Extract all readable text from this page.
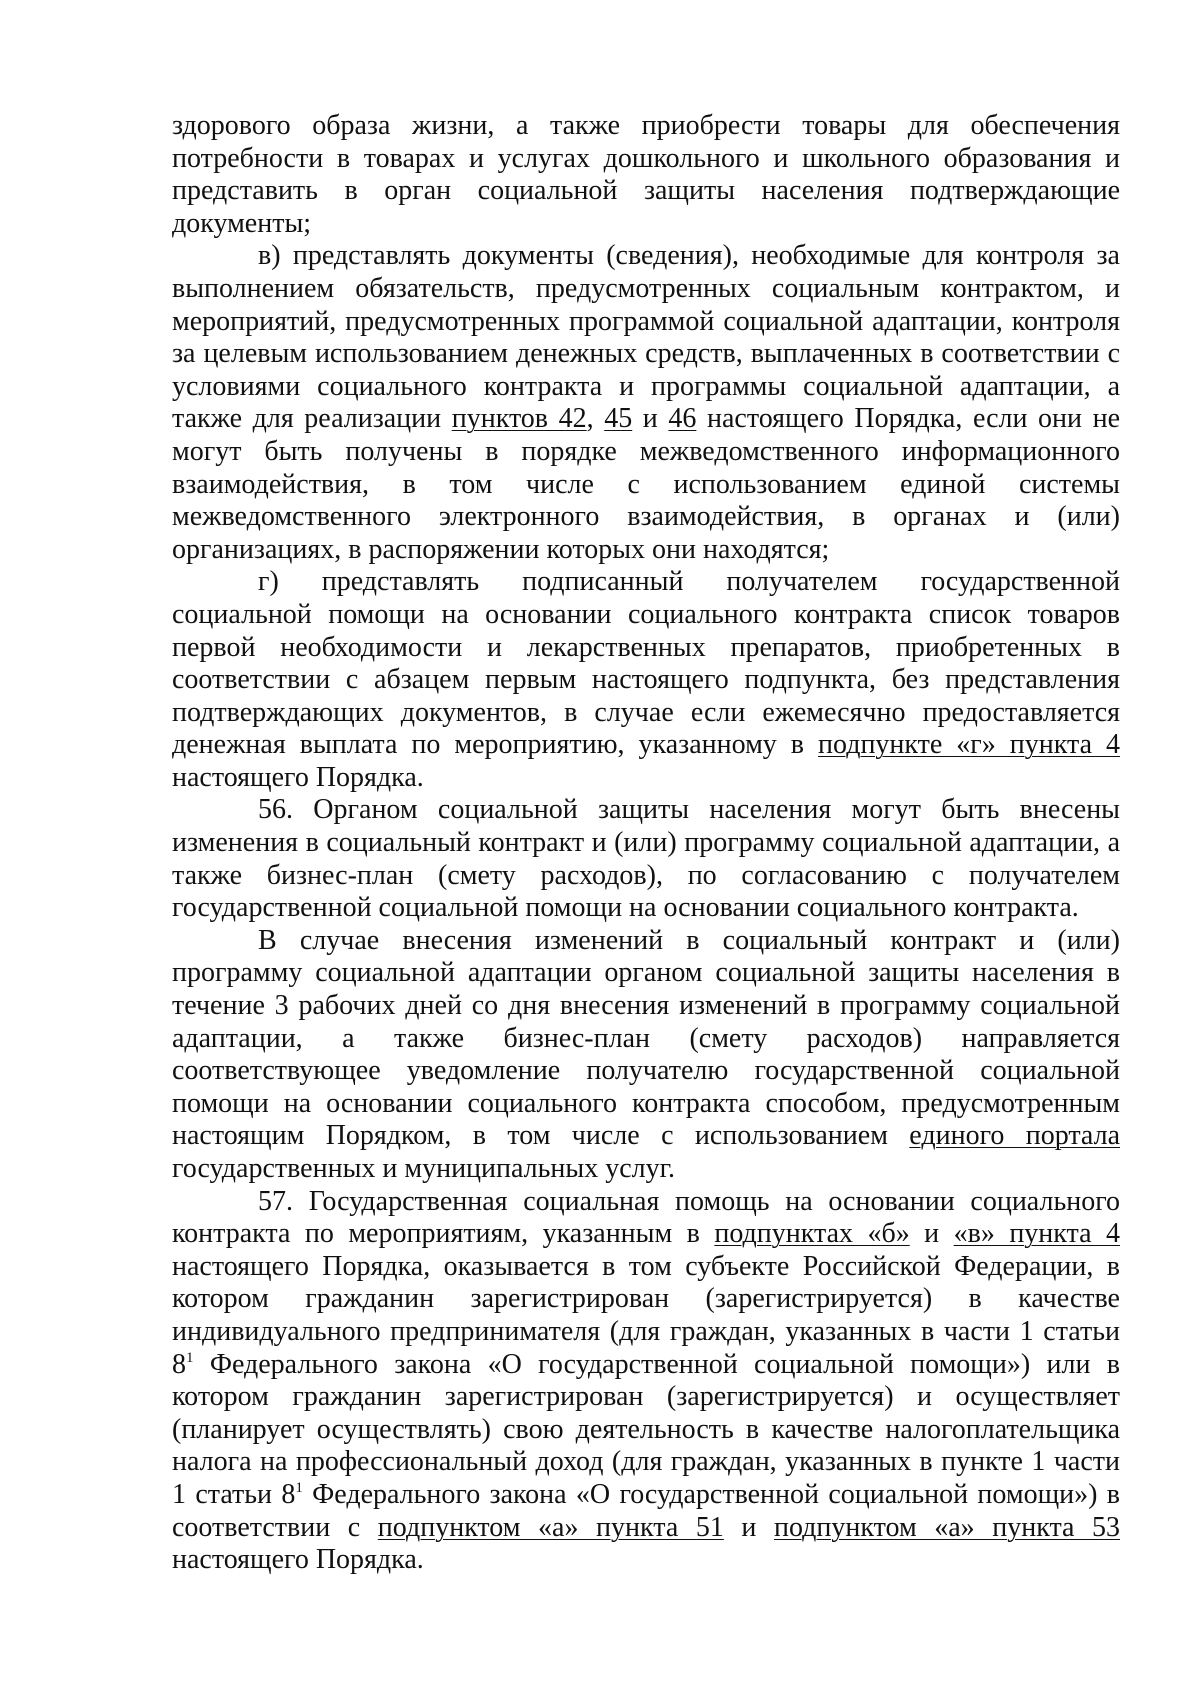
здорового образа жизни, а также приобрести товары для обеспечения потребности в товарах и услугах дошкольного и школьного образования и представить в орган социальной защиты населения подтверждающие документы;

в) представлять документы (сведения), необходимые для контроля за выполнением обязательств, предусмотренных социальным контрактом, и мероприятий, предусмотренных программой социальной адаптации, контроля за целевым использованием денежных средств, выплаченных в соответствии с условиями социального контракта и программы социальной адаптации, а также для реализации пунктов 42, 45 и 46 настоящего Порядка, если они не могут быть получены в порядке межведомственного информационного взаимодействия, в том числе с использованием единой системы межведомственного электронного взаимодействия, в органах и (или) организациях, в распоряжении которых они находятся;

г) представлять подписанный получателем государственной социальной помощи на основании социального контракта список товаров первой необходимости и лекарственных препаратов, приобретенных в соответствии с абзацем первым настоящего подпункта, без представления подтверждающих документов, в случае если ежемесячно предоставляется денежная выплата по мероприятию, указанному в подпункте «г» пункта 4 настоящего Порядка.

56. Органом социальной защиты населения могут быть внесены изменения в социальный контракт и (или) программу социальной адаптации, а также бизнес-план (смету расходов), по согласованию с получателем государственной социальной помощи на основании социального контракта.

В случае внесения изменений в социальный контракт и (или) программу социальной адаптации органом социальной защиты населения в течение 3 рабочих дней со дня внесения изменений в программу социальной адаптации, а также бизнес-план (смету расходов) направляется соответствующее уведомление получателю государственной социальной помощи на основании социального контракта способом, предусмотренным настоящим Порядком, в том числе с использованием единого портала государственных и муниципальных услуг.

57. Государственная социальная помощь на основании социального контракта по мероприятиям, указанным в подпунктах «б» и «в» пункта 4 настоящего Порядка, оказывается в том субъекте Российской Федерации, в котором гражданин зарегистрирован (зарегистрируется) в качестве индивидуального предпринимателя (для граждан, указанных в части 1 статьи $8^1$ Федерального закона «О государственной социальной помощи») или в котором гражданин зарегистрирован (зарегистрируется) и осуществляет (планирует осуществлять) свою деятельность в качестве налогоплательщика налога на профессиональный доход (для граждан, указанных в пункте 1 части 1 статьи $8^1$ Федерального закона «О государственной социальной помощи») в соответствии с подпунктом «а» пункта 51 и подпунктом «а» пункта 53 настоящего Порядка.
